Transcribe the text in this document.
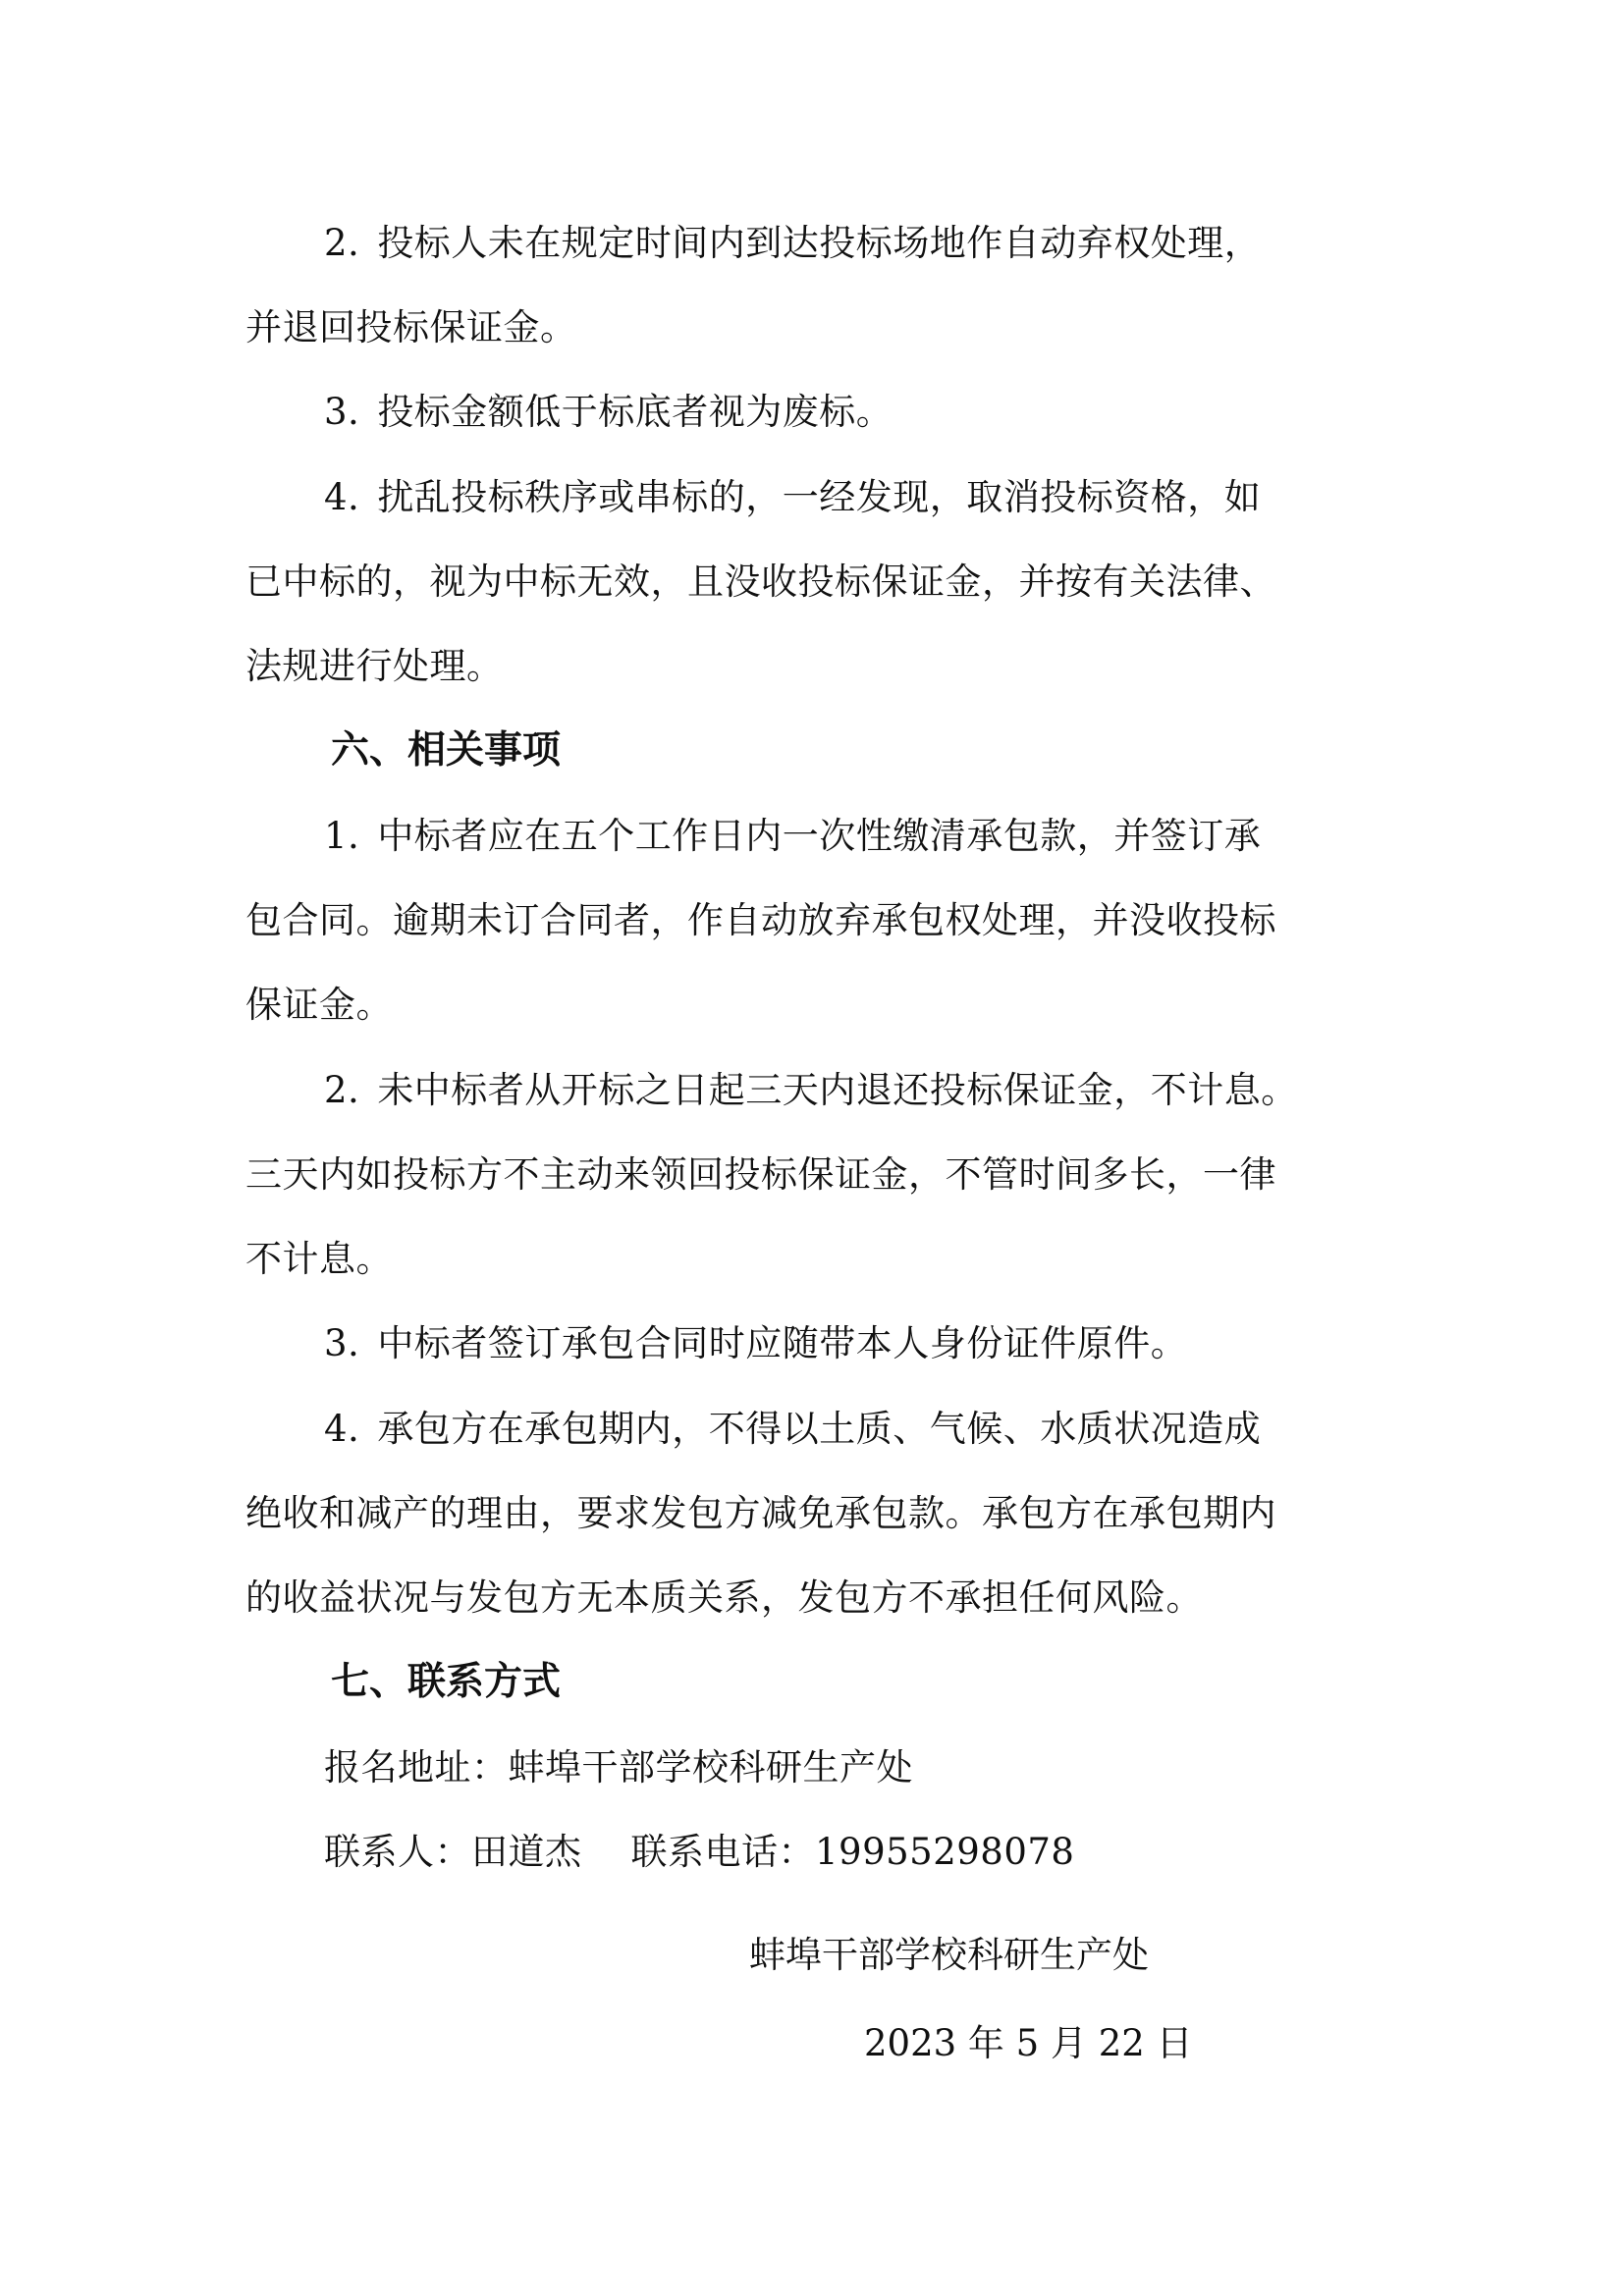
2. 投标人未在规定时间内到达投标场地作自动弃权处理，
并退回投标保证金。
3. 投标金额低于标底者视为废标。
4. 扰乱投标秩序或串标的，一经发现，取消投标资格，如
已中标的，视为中标无效，且没收投标保证金，并按有关法律、
法规进行处理。
六、相关事项
1. 中标者应在五个工作日内一次性缴清承包款，并签订承
包合同。逾期未订合同者，作自动放弃承包权处理，并没收投标
保证金。
2. 未中标者从开标之日起三天内退还投标保证金，不计息。
三天内如投标方不主动来领回投标保证金，不管时间多长，一律
不计息。
3. 中标者签订承包合同时应随带本人身份证件原件。
4. 承包方在承包期内，不得以土质、气候、水质状况造成
绝收和减产的理由，要求发包方减免承包款。承包方在承包期内
的收益状况与发包方无本质关系，发包方不承担任何风险。
七、联系方式
报名地址：蚌埠干部学校科研生产处
联系人：田道杰 联系电话：19955298078
蚌埠干部学校科研生产处
2023 年 5 月 22 日
